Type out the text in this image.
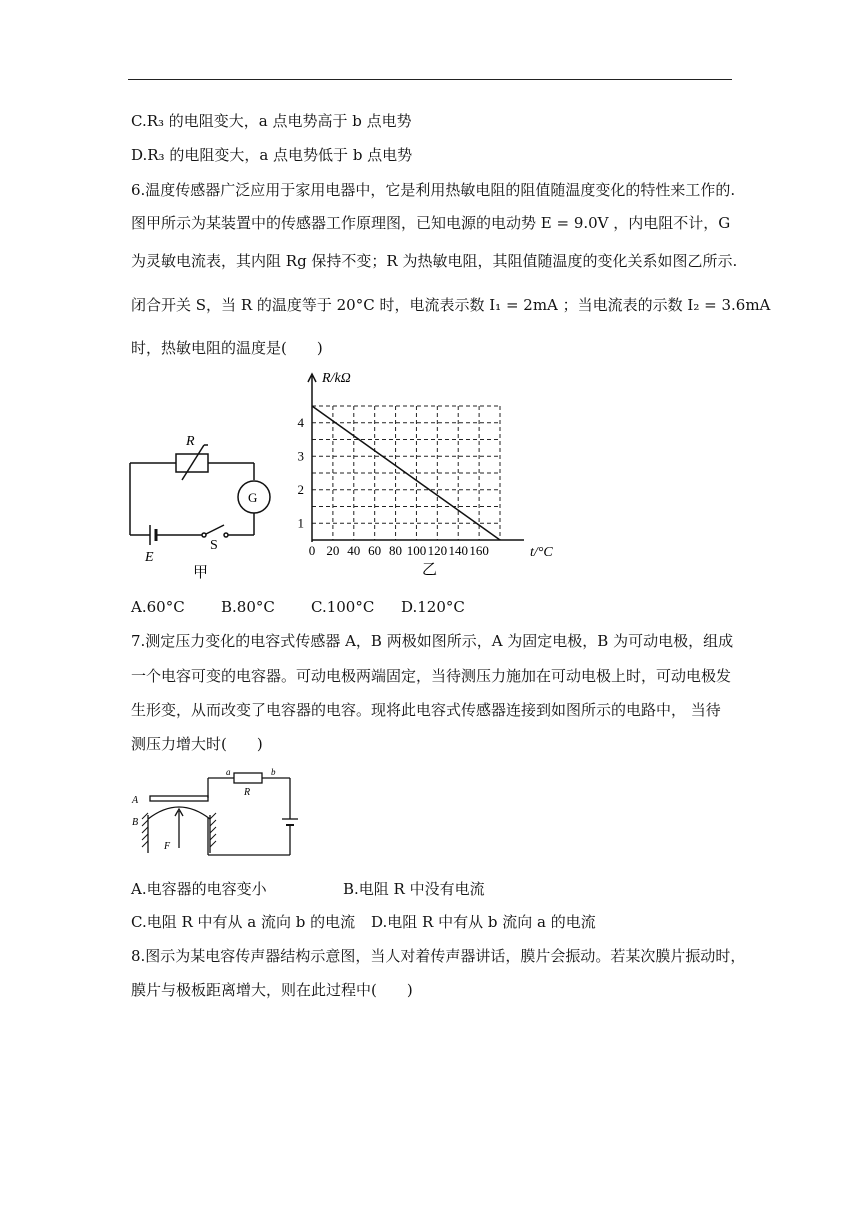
C.R₃ 的电阻变大，a 点电势高于 b 点电势
D.R₃ 的电阻变大，a 点电势低于 b 点电势
6.温度传感器广泛应用于家用电器中，它是利用热敏电阻的阻值随温度变化的特性来工作的.
图甲所示为某装置中的传感器工作原理图，已知电源的电动势 E = 9.0V ，内电阻不计，G
为灵敏电流表，其内阻 Rg 保持不变；R 为热敏电阻，其阻值随温度的变化关系如图乙所示.
闭合开关 S，当 R 的温度等于 20°C 时，电流表示数 I₁ = 2mA ；当电流表的示数 I₂ = 3.6mA
时，热敏电阻的温度是(　　)
R
G
E
S
甲
0 20 40 60 80 100 120 140 160
1
2
3
4
R/kΩ
t/°C
乙
A.60°C B.80°C C.100°C D.120°C
7.测定压力变化的电容式传感器 A，B 两极如图所示，A 为固定电极，B 为可动电极，组成
一个电容可变的电容器。可动电极两端固定，当待测压力施加在可动电极上时，可动电极发
生形变，从而改变了电容器的电容。现将此电容式传感器连接到如图所示的电路中， 当待
测压力增大时(　　)
A
B
F
R
a	b
A.电容器的电容变小	B.电阻 R 中没有电流
C.电阻 R 中有从 a 流向 b 的电流 D.电阻 R 中有从 b 流向 a 的电流
8.图示为某电容传声器结构示意图，当人对着传声器讲话，膜片会振动。若某次膜片振动时，
膜片与极板距离增大，则在此过程中(　　)
